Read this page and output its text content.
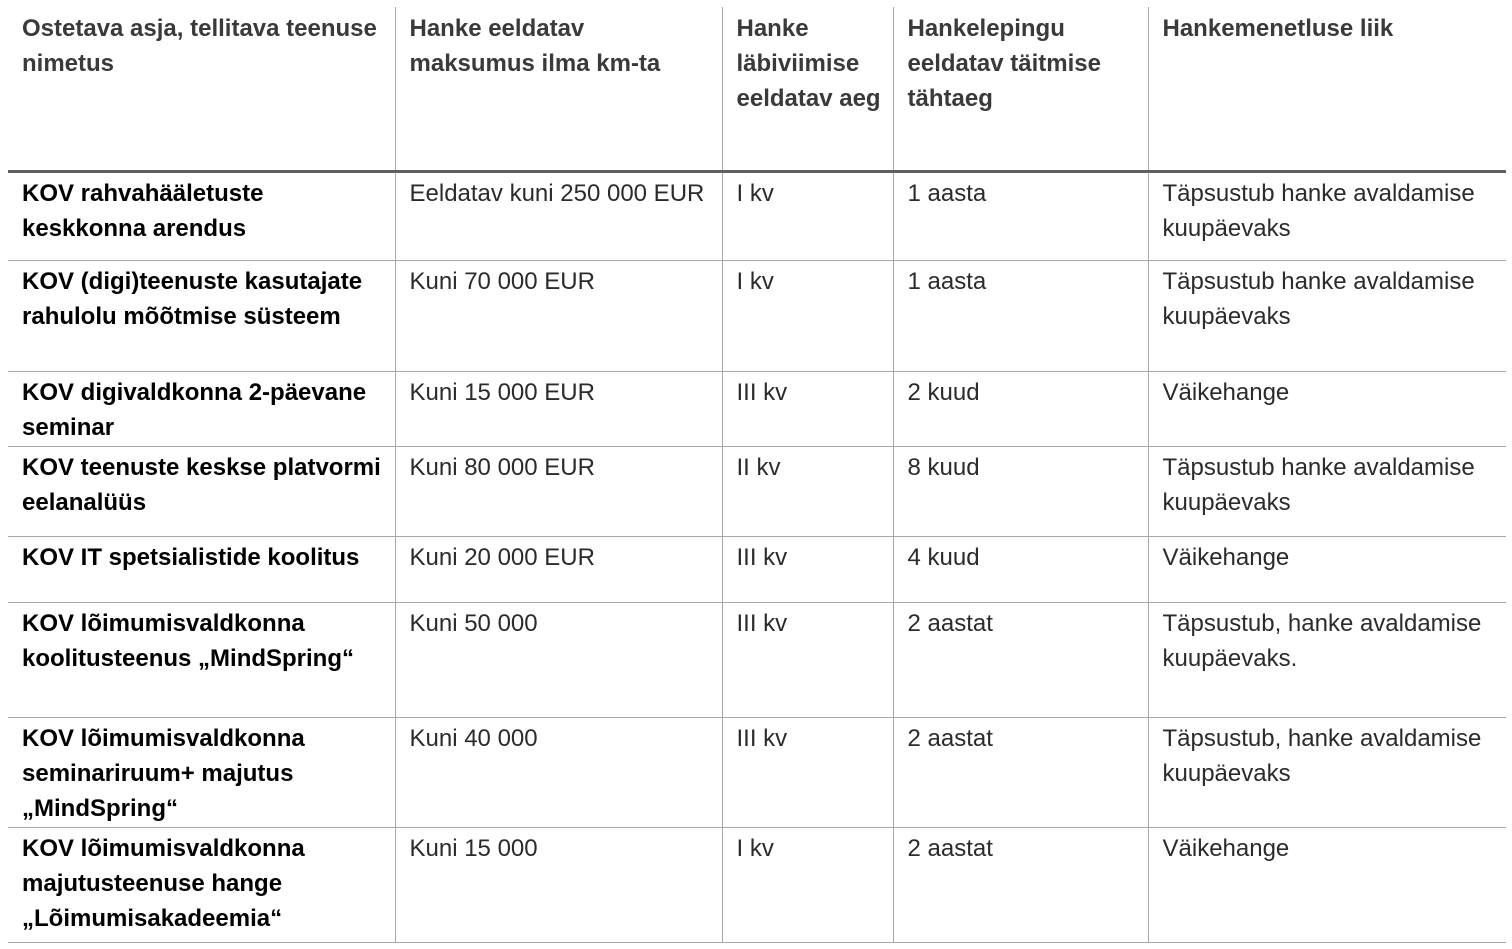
Ostetava asja, tellitava teenuse nimetus	Hanke eeldatav maksumus ilma km-ta	Hanke läbiviimise eeldatav aeg	Hankelepingu eeldatav täitmise tähtaeg	Hankemenetluse liik
KOV rahvahääletuste keskkonna arendus	Eeldatav kuni 250 000 EUR	I kv	1 aasta	Täpsustub hanke avaldamise kuupäevaks
KOV (digi)teenuste kasutajate rahulolu mõõtmise süsteem	Kuni 70 000 EUR	I kv	1 aasta	Täpsustub hanke avaldamise kuupäevaks
KOV digivaldkonna 2-päevane seminar	Kuni 15 000 EUR	III kv	2 kuud	Väikehange
KOV teenuste keskse platvormi eelanalüüs	Kuni 80 000 EUR	II kv	8 kuud	Täpsustub hanke avaldamise kuupäevaks
KOV IT spetsialistide koolitus	Kuni 20 000 EUR	III kv	4 kuud	Väikehange
KOV lõimumisvaldkonna koolitusteenus „MindSpring“	Kuni 50 000	III kv	2 aastat	Täpsustub, hanke avaldamise kuupäevaks.
KOV lõimumisvaldkonna seminariruum+ majutus „MindSpring“	Kuni 40 000	III kv	2 aastat	Täpsustub, hanke avaldamise kuupäevaks
KOV lõimumisvaldkonna majutusteenuse hange „Lõimumisakadeemia“	Kuni 15 000	I kv	2 aastat	Väikehange
